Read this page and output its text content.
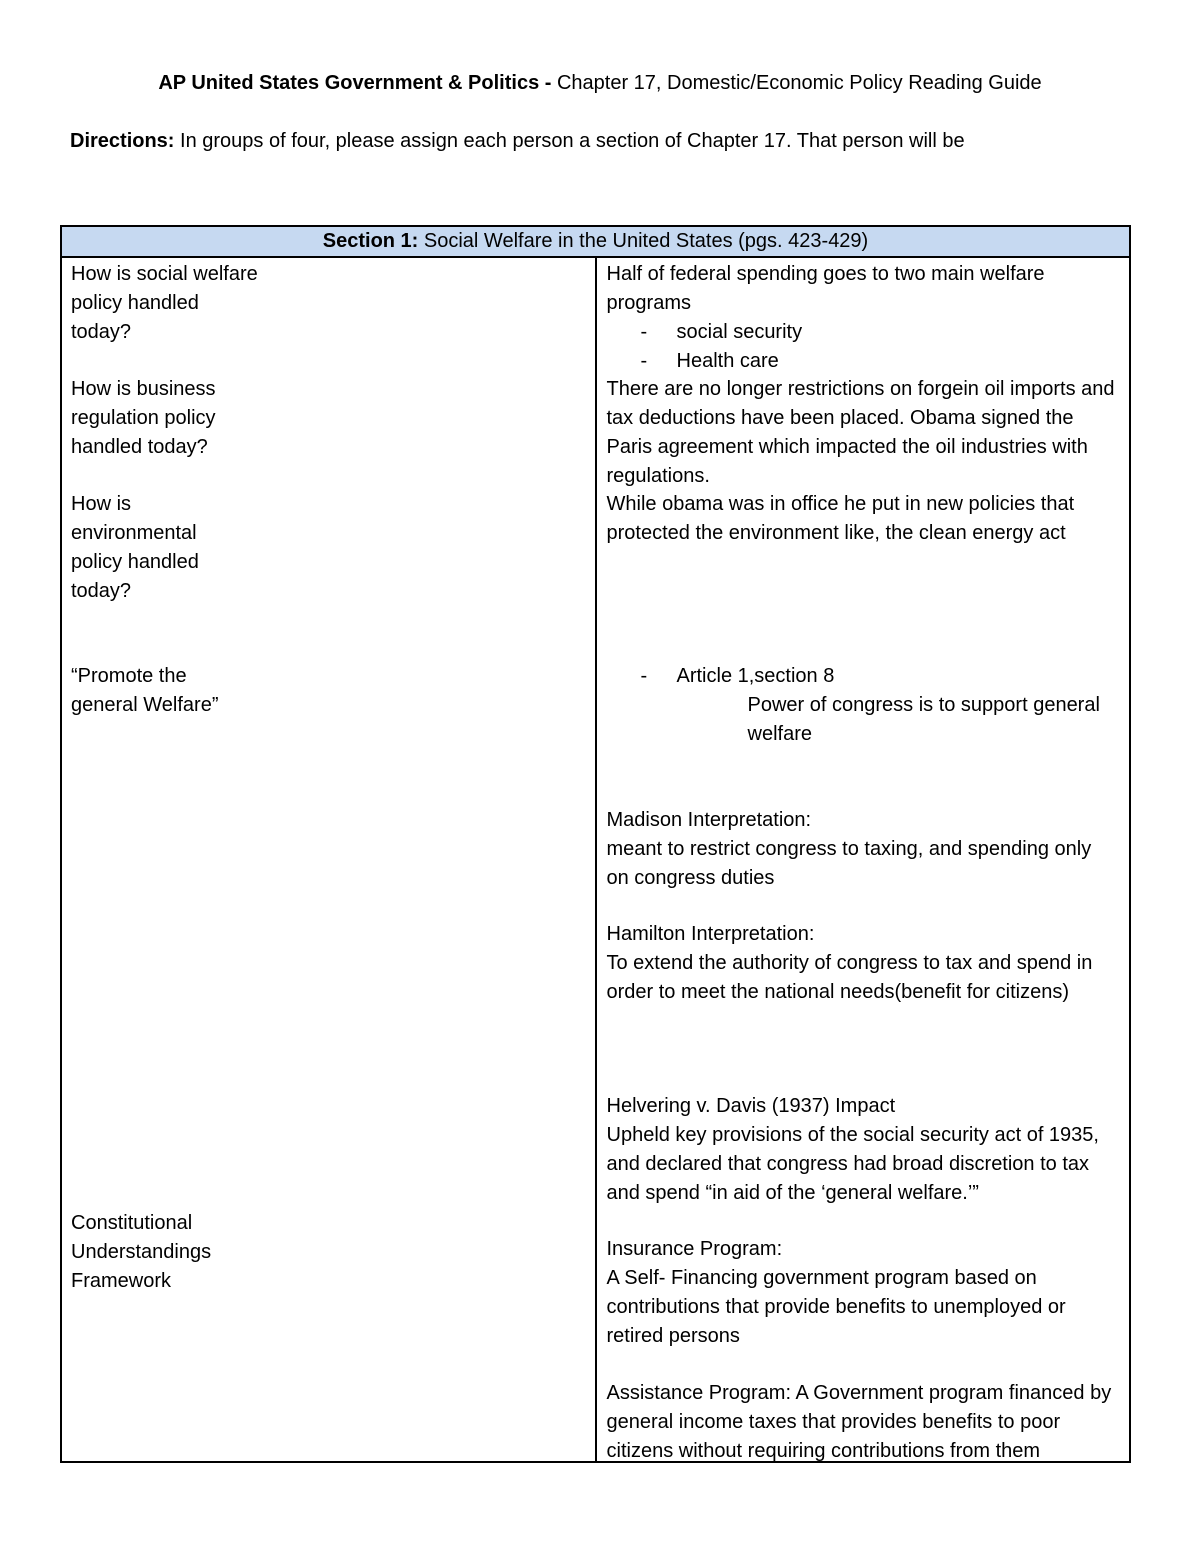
AP United States Government & Politics - Chapter 17, Domestic/Economic Policy Reading Guide
Directions: In groups of four, please assign each person a section of Chapter 17. That person will be
Section 1: Social Welfare in the United States (pgs. 423-429)

How is social welfare policy handled today?
How is business regulation policy handled today?
How is environmental policy handled today?
“Promote the general Welfare”
Constitutional Understandings Framework

Half of federal spending goes to two main welfare programs
- social security
- Health care
There are no longer restrictions on forgein oil imports and tax deductions have been placed. Obama signed the Paris agreement which impacted the oil industries with regulations.
While obama was in office he put in new policies that protected the environment like, the clean energy act
- Article 1,section 8
Power of congress is to support general welfare
Madison Interpretation:
meant to restrict congress to taxing, and spending only on congress duties
Hamilton Interpretation:
To extend the authority of congress to tax and spend in order to meet the national needs(benefit for citizens)
Helvering v. Davis (1937) Impact
Upheld key provisions of the social security act of 1935, and declared that congress had broad discretion to tax and spend “in aid of the ‘general welfare.’”
Insurance Program:
A Self- Financing government program based on contributions that provide benefits to unemployed or retired persons
Assistance Program: A Government program financed by general income taxes that provides benefits to poor citizens without requiring contributions from them
